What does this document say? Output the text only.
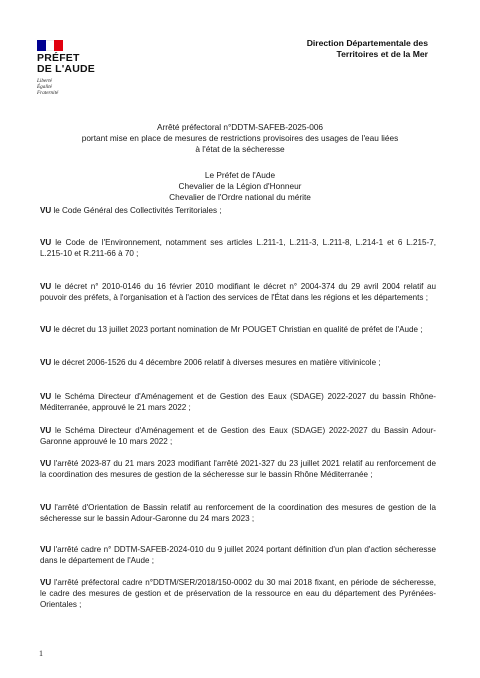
PRÉFET
DE L'AUDE
Liberté
Égalité
Fraternité
Direction Départementale des
Territoires et de la Mer
Arrêté préfectoral n°DDTM-SAFEB-2025-006
portant mise en place de mesures de restrictions provisoires des usages de l'eau liées
à l'état de la sécheresse
Le Préfet de l'Aude
Chevalier de la Légion d'Honneur
Chevalier de l'Ordre national du mérite

VU le Code Général des Collectivités Territoriales ;

VU le Code de l'Environnement, notamment ses articles L.211-1, L.211-3, L.211-8, L.214-1 et 6 L.215-7, L.215-10 et R.211-66 à 70 ;

VU le décret n° 2010-0146 du 16 février 2010 modifiant le décret n° 2004-374 du 29 avril 2004 relatif au pouvoir des préfets, à l'organisation et à l'action des services de l'État dans les régions et les départements ;

VU le décret du 13 juillet 2023 portant nomination de Mr POUGET Christian en qualité de préfet de l'Aude ;

VU le décret 2006-1526 du 4 décembre 2006 relatif à diverses mesures en matière vitivinicole ;

VU le Schéma Directeur d'Aménagement et de Gestion des Eaux (SDAGE) 2022-2027 du bassin Rhône-Méditerranée, approuvé le 21 mars 2022 ;

VU le Schéma Directeur d'Aménagement et de Gestion des Eaux (SDAGE) 2022-2027 du Bassin Adour-Garonne approuvé le 10 mars 2022 ;

VU l'arrêté 2023-87 du 21 mars 2023 modifiant l'arrêté 2021-327 du 23 juillet 2021 relatif au renforcement de la coordination des mesures de gestion de la sécheresse sur le bassin Rhône Méditerranée ;

VU l'arrêté d'Orientation de Bassin relatif au renforcement de la coordination des mesures de gestion de la sécheresse sur le bassin Adour-Garonne du 24 mars 2023 ;

VU l'arrêté cadre n° DDTM-SAFEB-2024-010 du 9 juillet 2024 portant définition d'un plan d'action sécheresse dans le département de l'Aude ;

VU l'arrêté préfectoral cadre n°DDTM/SER/2018/150-0002 du 30 mai 2018 fixant, en période de sécheresse, le cadre des mesures de gestion et de préservation de la ressource en eau du département des Pyrénées-Orientales ;

1
